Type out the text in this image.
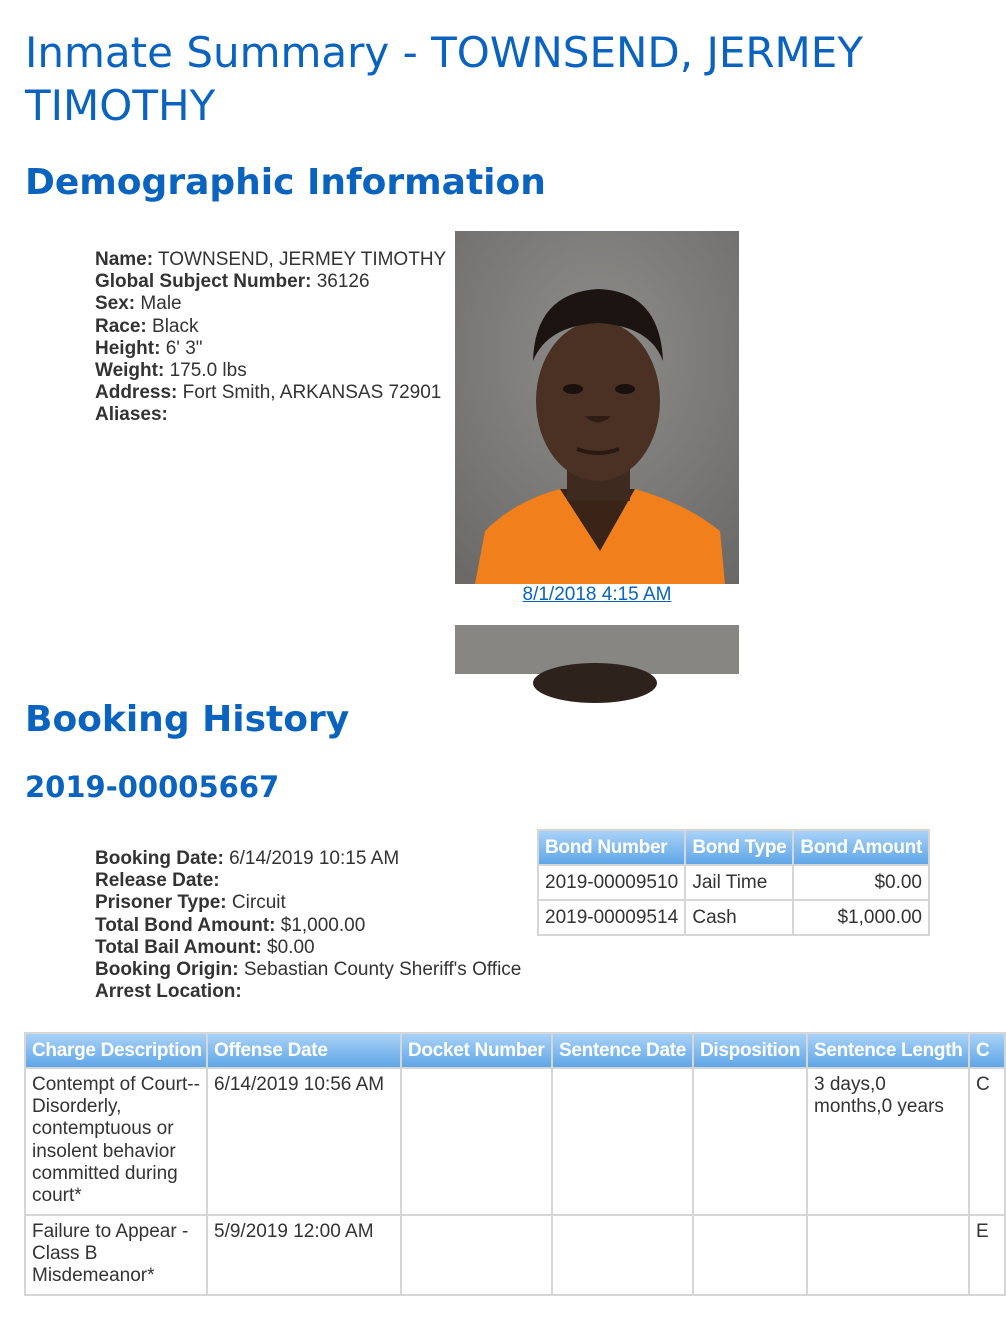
Inmate Summary - TOWNSEND, JERMEY TIMOTHY
Demographic Information
Name: TOWNSEND, JERMEY TIMOTHY
Global Subject Number: 36126
Sex: Male
Race: Black
Height: 6' 3"
Weight: 175.0 lbs
Address: Fort Smith, ARKANSAS 72901
Aliases:
8/1/2018 4:15 AM
Booking History
2019-00005667
Booking Date: 6/14/2019 10:15 AM
Release Date:
Prisoner Type: Circuit
Total Bond Amount: $1,000.00
Total Bail Amount: $0.00
Booking Origin: Sebastian County Sheriff's Office
Arrest Location:
Bond Number	Bond Type	Bond Amount
2019-00009510	Jail Time	$0.00
2019-00009514	Cash	$1,000.00
Charge Description	Offense Date	Docket Number	Sentence Date	Disposition	Sentence Length	C
Contempt of Court--Disorderly, contemptuous or insolent behavior committed during court*	6/14/2019 10:56 AM				3 days,0 months,0 years	C
Failure to Appear - Class B Misdemeanor*	5/9/2019 12:00 AM					E
